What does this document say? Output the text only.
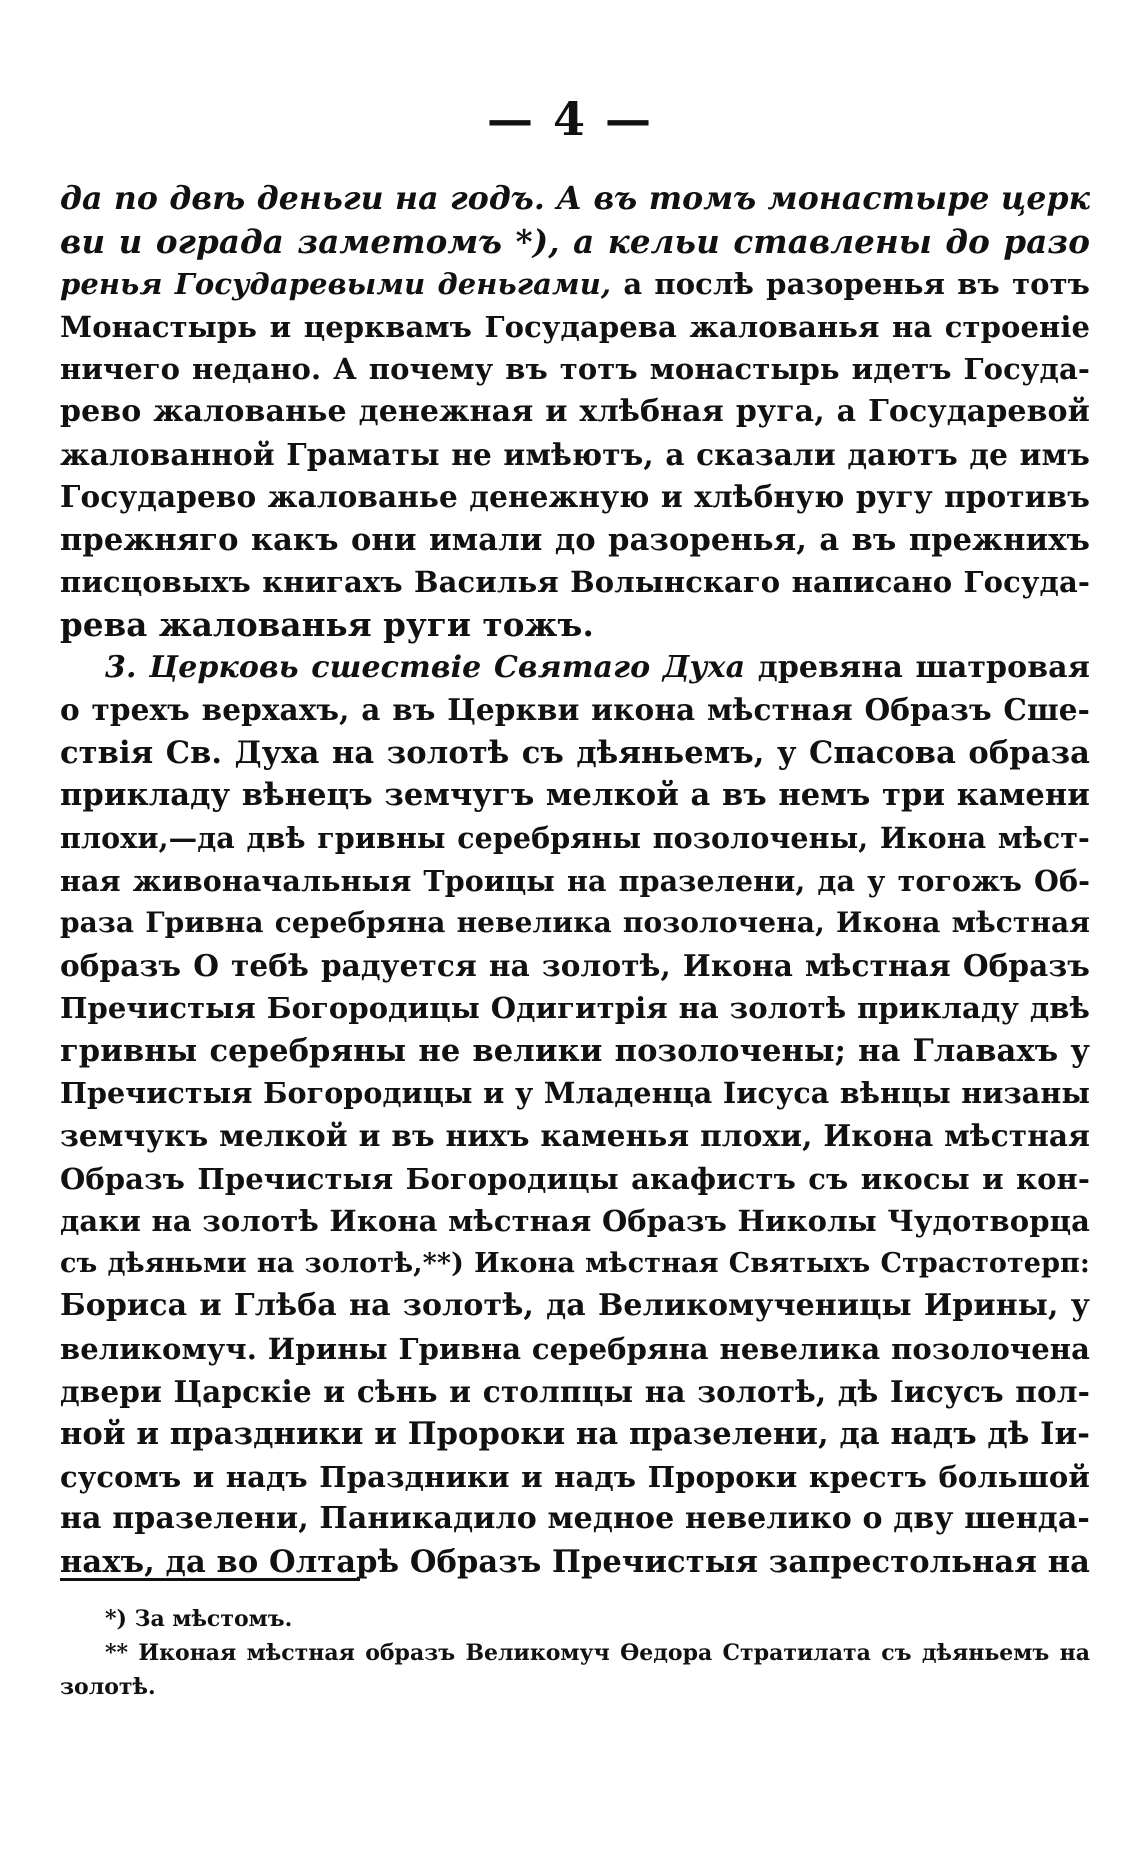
— 4 —
да по двѣ деньги на годъ. А въ томъ монастыре церк
ви и ограда заметомъ *), а кельи ставлены до разо
ренья Государевыми деньгами, а послѣ разоренья въ тотъ
Монастырь и церквамъ Государева жалованья на строеніе
ничего недано. А почему въ тотъ монастырь идетъ Госуда-
рево жалованье денежная и хлѣбная руга, а Государевой
жалованной Граматы не имѣютъ, а сказали даютъ де имъ
Государево жалованье денежную и хлѣбную ругу противъ
прежняго какъ они имали до разоренья, а въ прежнихъ
писцовыхъ книгахъ Василья Волынскаго написано Госуда-
рева жалованья руги тожъ.
3. Церковь сшествіе Святаго Духа древяна шатровая
о трехъ верхахъ, а въ Церкви икона мѣстная Образъ Сше-
ствія Св. Духа на золотѣ съ дѣяньемъ, у Спасова образа
прикладу вѣнецъ земчугъ мелкой а въ немъ три камени
плохи,—да двѣ гривны серебряны позолочены, Икона мѣст-
ная живоначальныя Троицы на празелени, да у тогожъ Об-
раза Гривна серебряна невелика позолочена, Икона мѣстная
образъ О тебѣ радуется на золотѣ, Икона мѣстная Образъ
Пречистыя Богородицы Одигитрія на золотѣ прикладу двѣ
гривны серебряны не велики позолочены; на Главахъ у
Пречистыя Богородицы и у Младенца Іисуса вѣнцы низаны
земчукъ мелкой и въ нихъ каменья плохи, Икона мѣстная
Образъ Пречистыя Богородицы акафистъ съ икосы и кон-
даки на золотѣ Икона мѣстная Образъ Николы Чудотворца
съ дѣяньми на золотѣ,**) Икона мѣстная Святыхъ Страстотерп:
Бориса и Глѣба на золотѣ, да Великомученицы Ирины, у
великомуч. Ирины Гривна серебряна невелика позолочена
двери Царскіе и сѣнь и столпцы на золотѣ, дѣ Іисусъ пол-
ной и праздники и Пророки на празелени, да надъ дѣ Іи-
сусомъ и надъ Праздники и надъ Пророки крестъ большой
на празелени, Паникадило медное невелико о дву шенда-
нахъ, да во Олтарѣ Образъ Пречистыя запрестольная на
*) За мѣстомъ.
** Иконая мѣстная образъ Великомуч Ѳедора Стратилата съ дѣяньемъ на
золотѣ.
